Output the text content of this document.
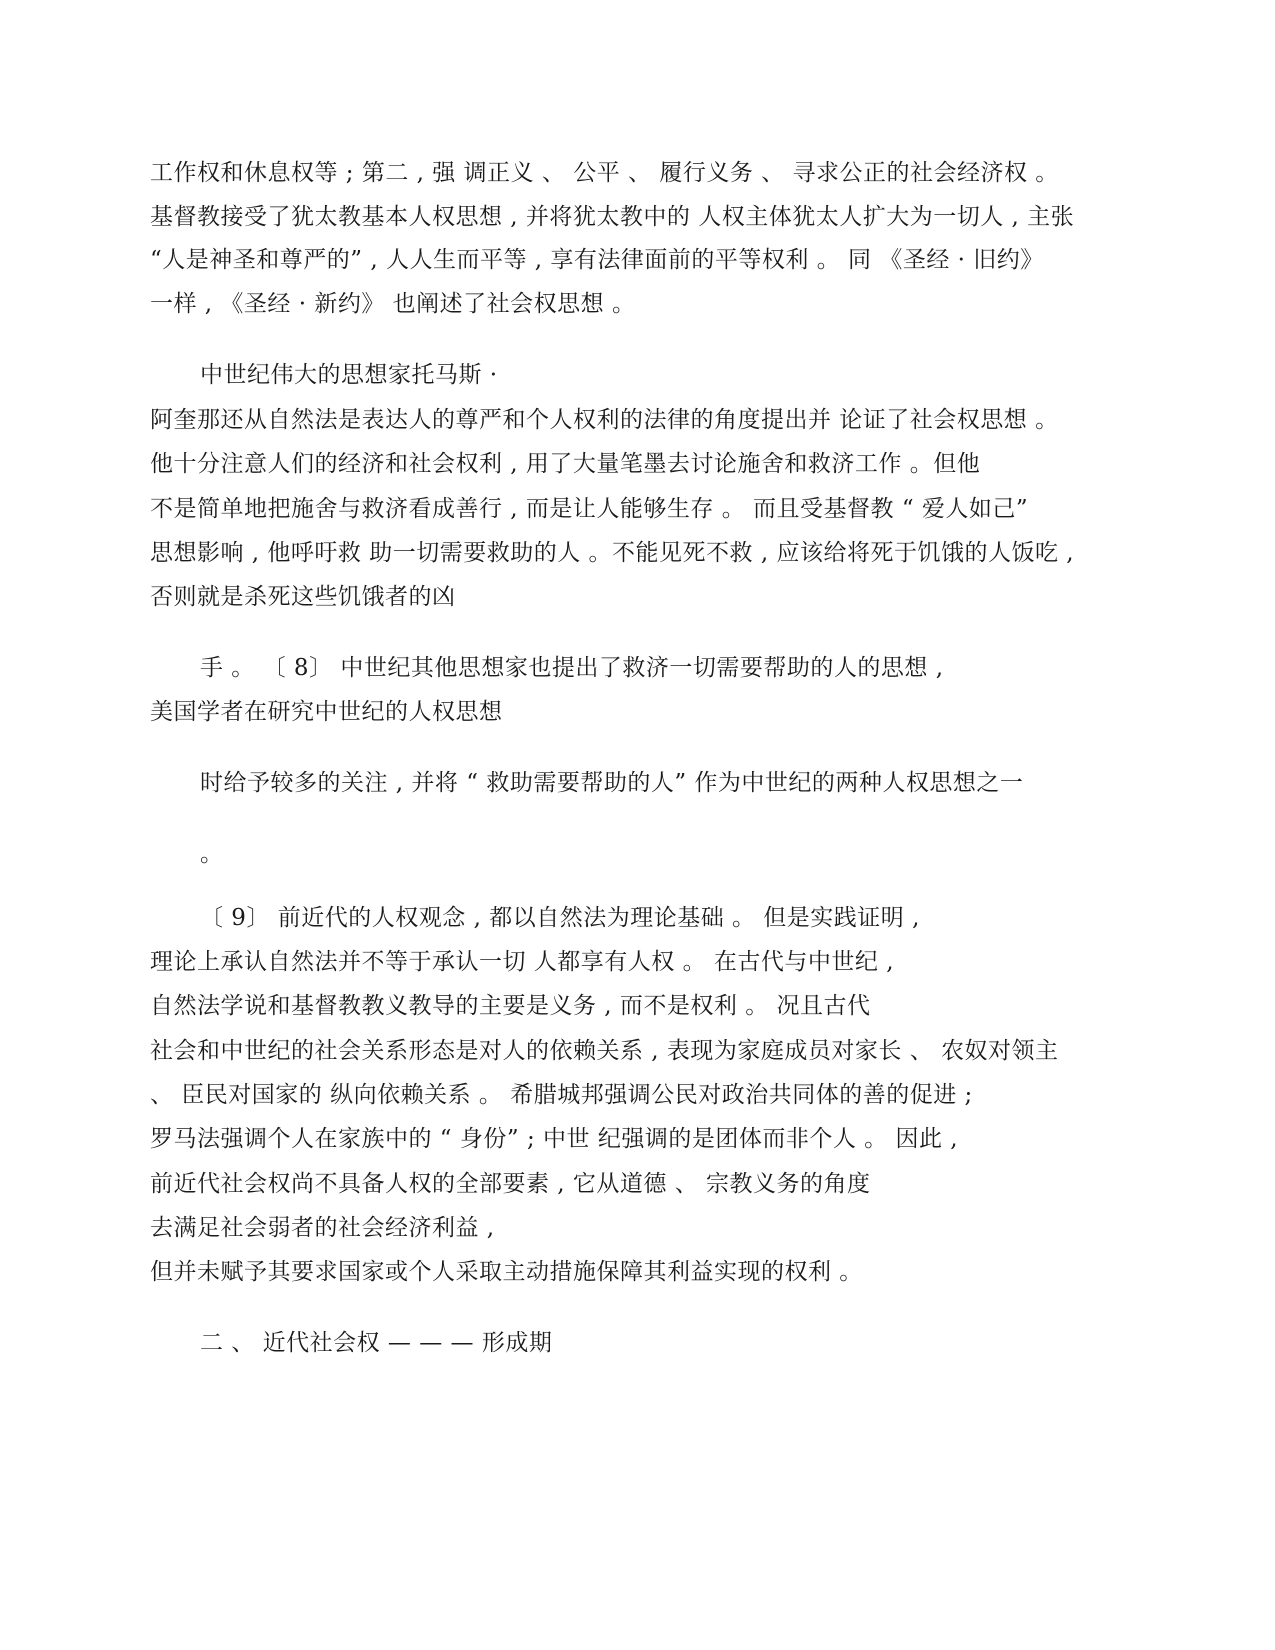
工作权和休息权等 ; 第二 , 强 调正义 、 公平 、 履行义务 、 寻求公正的社会经济权 。
基督教接受了犹太教基本人权思想 , 并将犹太教中的 人权主体犹太人扩大为一切人 , 主张
“人是神圣和尊严的” , 人人生而平等 , 享有法律面前的平等权利 。 同 《圣经 · 旧约》
一样 , 《圣经 · 新约》 也阐述了社会权思想 。
中世纪伟大的思想家托马斯 ·
阿奎那还从自然法是表达人的尊严和个人权利的法律的角度提出并 论证了社会权思想 。
他十分注意人们的经济和社会权利 , 用了大量笔墨去讨论施舍和救济工作 。但他
不是简单地把施舍与救济看成善行 , 而是让人能够生存 。 而且受基督教 “ 爱人如己”
思想影响 , 他呼吁救 助一切需要救助的人 。不能见死不救 , 应该给将死于饥饿的人饭吃 ,
否则就是杀死这些饥饿者的凶
手 。 〔 8〕 中世纪其他思想家也提出了救济一切需要帮助的人的思想 ,
美国学者在研究中世纪的人权思想
时给予较多的关注 , 并将 “ 救助需要帮助的人” 作为中世纪的两种人权思想之一
。
〔 9〕 前近代的人权观念 , 都以自然法为理论基础 。 但是实践证明 ,
理论上承认自然法并不等于承认一切 人都享有人权 。 在古代与中世纪 ,
自然法学说和基督教教义教导的主要是义务 , 而不是权利 。 况且古代
社会和中世纪的社会关系形态是对人的依赖关系 , 表现为家庭成员对家长 、 农奴对领主
、 臣民对国家的 纵向依赖关系 。 希腊城邦强调公民对政治共同体的善的促进 ;
罗马法强调个人在家族中的 “ 身份” ; 中世 纪强调的是团体而非个人 。 因此 ,
前近代社会权尚不具备人权的全部要素 , 它从道德 、 宗教义务的角度
去满足社会弱者的社会经济利益 ,
但并未赋予其要求国家或个人采取主动措施保障其利益实现的权利 。
二 、 近代社会权 — — — 形成期
